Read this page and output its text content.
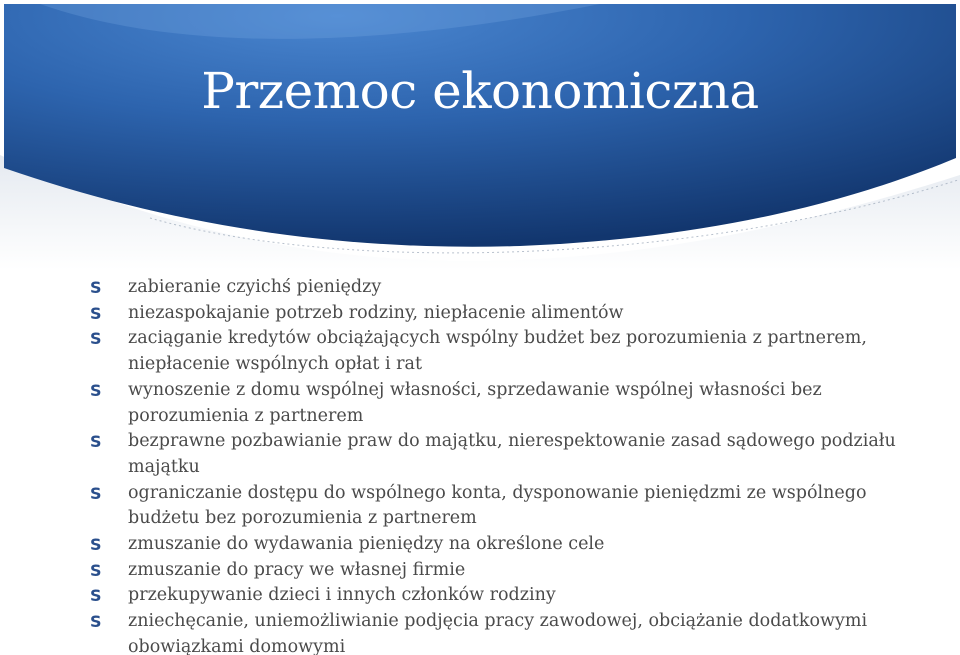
Przemoc ekonomiczna
S zabieranie czyichś pieniędzy
S niezaspokajanie potrzeb rodziny, niepłacenie alimentów
S zaciąganie kredytów obciążających wspólny budżet bez porozumienia z partnerem, niepłacenie wspólnych opłat i rat
S wynoszenie z domu wspólnej własności, sprzedawanie wspólnej własności bez porozumienia z partnerem
S bezprawne pozbawianie praw do majątku, nierespektowanie zasad sądowego podziału majątku
S ograniczanie dostępu do wspólnego konta, dysponowanie pieniędzmi ze wspólnego budżetu bez porozumienia z partnerem
S zmuszanie do wydawania pieniędzy na określone cele
S zmuszanie do pracy we własnej firmie
S przekupywanie dzieci i innych członków rodziny
S zniechęcanie, uniemożliwianie podjęcia pracy zawodowej, obciążanie dodatkowymi obowiązkami domowymi
